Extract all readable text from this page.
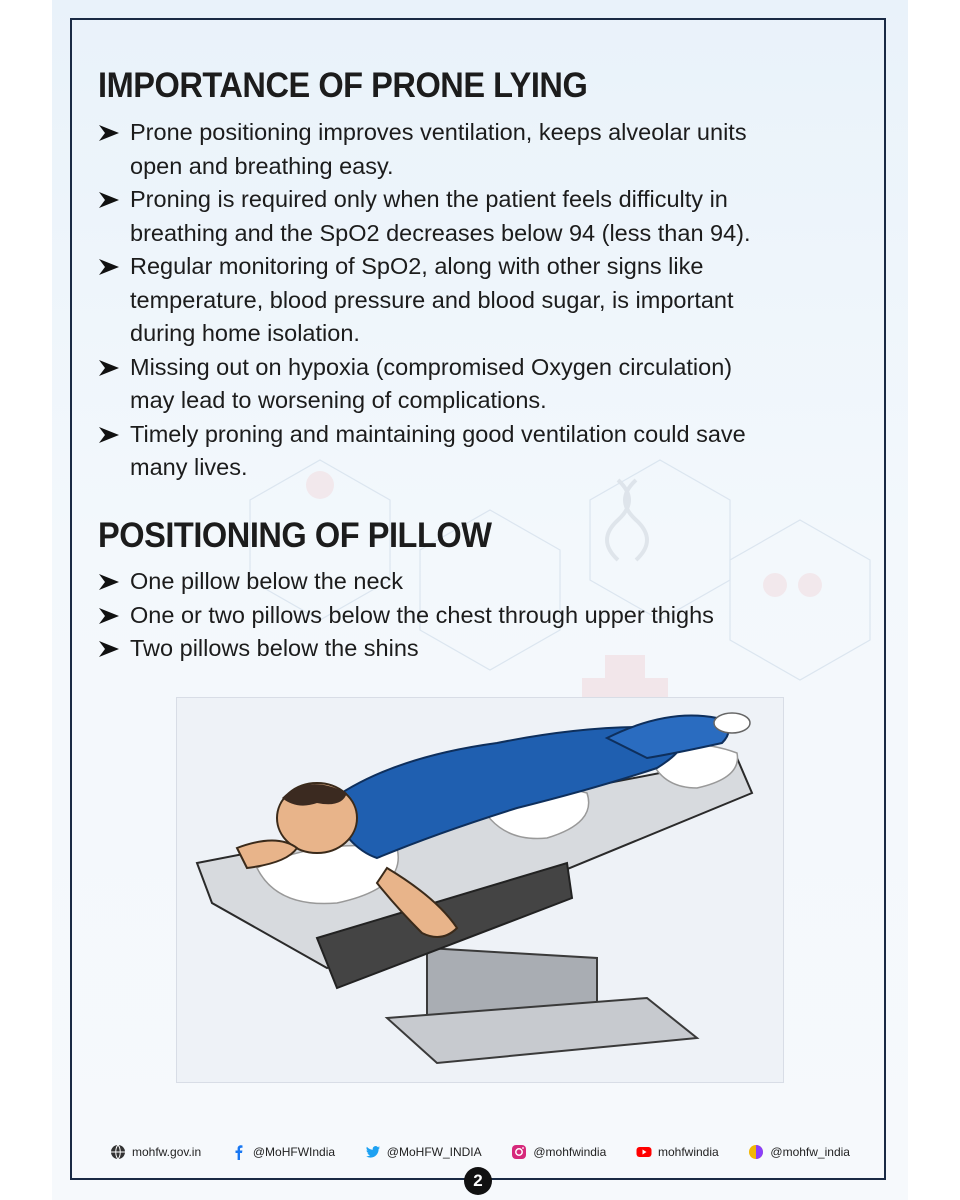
IMPORTANCE OF PRONE LYING
Prone positioning improves ventilation, keeps alveolar units
open and breathing easy.
Proning is required only when the patient feels difficulty in
breathing and the SpO2 decreases below 94 (less than 94).
Regular monitoring of SpO2, along with other signs like
temperature, blood pressure and blood sugar, is important
during home isolation.
Missing out on hypoxia (compromised Oxygen circulation)
may lead to worsening of complications.
Timely proning and maintaining good ventilation could save
many lives.
POSITIONING OF PILLOW
One pillow below the neck
One or two pillows below the chest through upper thighs
Two pillows below the shins
mohfw.gov.in	@MoHFWIndia	@MoHFW_INDIA	@mohfwindia	mohfwindia	@mohfw_india
2
